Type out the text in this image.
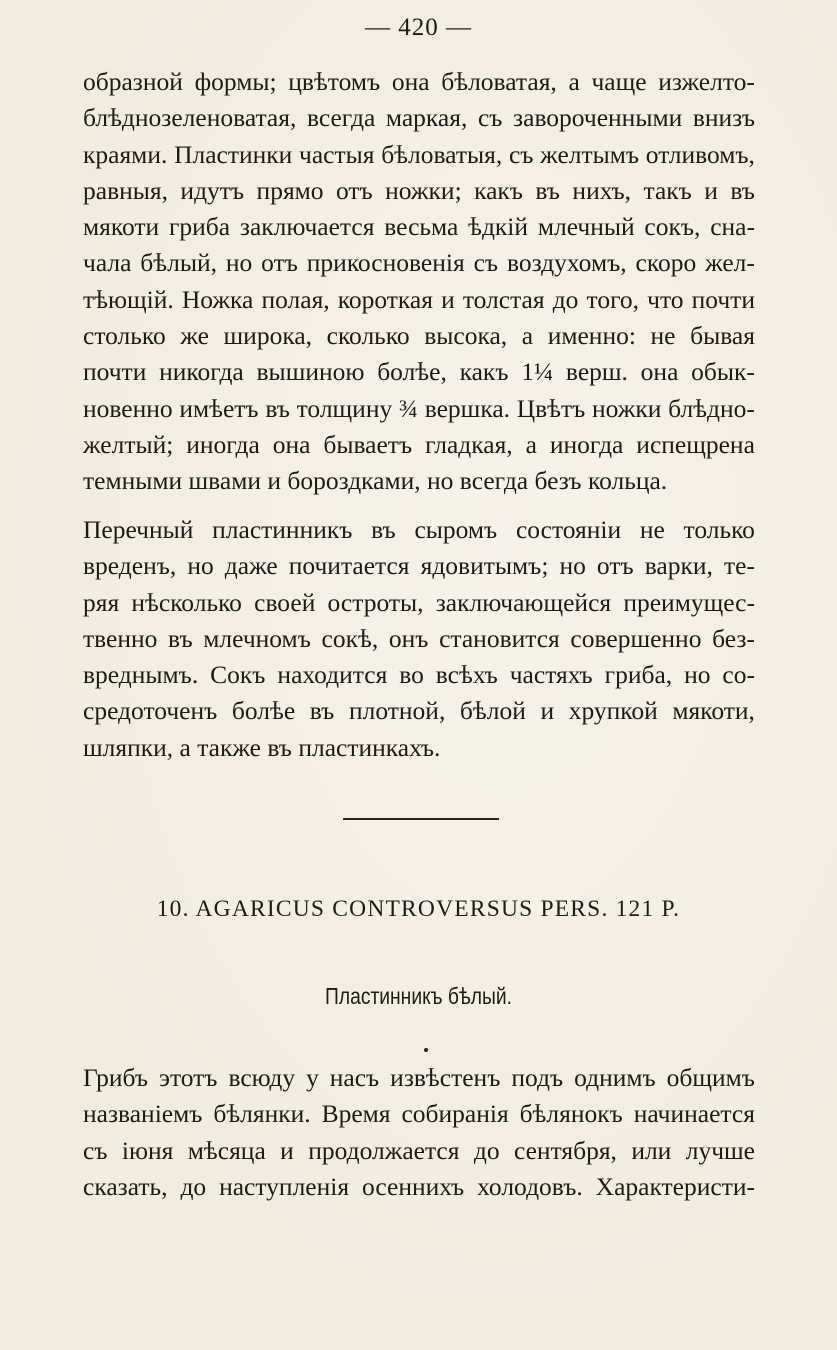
— 420 —
образной формы; цвѣтомъ она бѣловатая, а чаще изжелто-
блѣднозеленоватая, всегда маркая, съ завороченными внизъ
краями. Пластинки частыя бѣловатыя, съ желтымъ отливомъ,
равныя, идутъ прямо отъ ножки; какъ въ нихъ, такъ и въ
мякоти гриба заключается весьма ѣдкій млечный сокъ, сна-
чала бѣлый, но отъ прикосновенія съ воздухомъ, скоро жел-
тѣющій. Ножка полая, короткая и толстая до того, что почти
столько же широка, сколько высока, а именно: не бывая
почти никогда вышиною болѣе, какъ 1¼ верш. она обык-
новенно имѣетъ въ толщину ¾ вершка. Цвѣтъ ножки блѣдно-
желтый; иногда она бываетъ гладкая, а иногда испещрена
темными швами и бороздками, но всегда безъ кольца.
Перечный пластинникъ въ сыромъ состояніи не только
вреденъ, но даже почитается ядовитымъ; но отъ варки, те-
ряя нѣсколько своей остроты, заключающейся преимущес-
твенно въ млечномъ сокѣ, онъ становится совершенно без-
вреднымъ. Сокъ находится во всѣхъ частяхъ гриба, но со-
средоточенъ болѣе въ плотной, бѣлой и хрупкой мякоти,
шляпки, а также въ пластинкахъ.
10. AGARICUS CONTROVERSUS PERS. 121 P.
Пластинникъ бѣлый.
Грибъ этотъ всюду у насъ извѣстенъ подъ однимъ общимъ
названіемъ бѣлянки. Время собиранія бѣлянокъ начинается
съ іюня мѣсяца и продолжается до сентября, или лучше
сказать, до наступленія осеннихъ холодовъ. Характеристи-
